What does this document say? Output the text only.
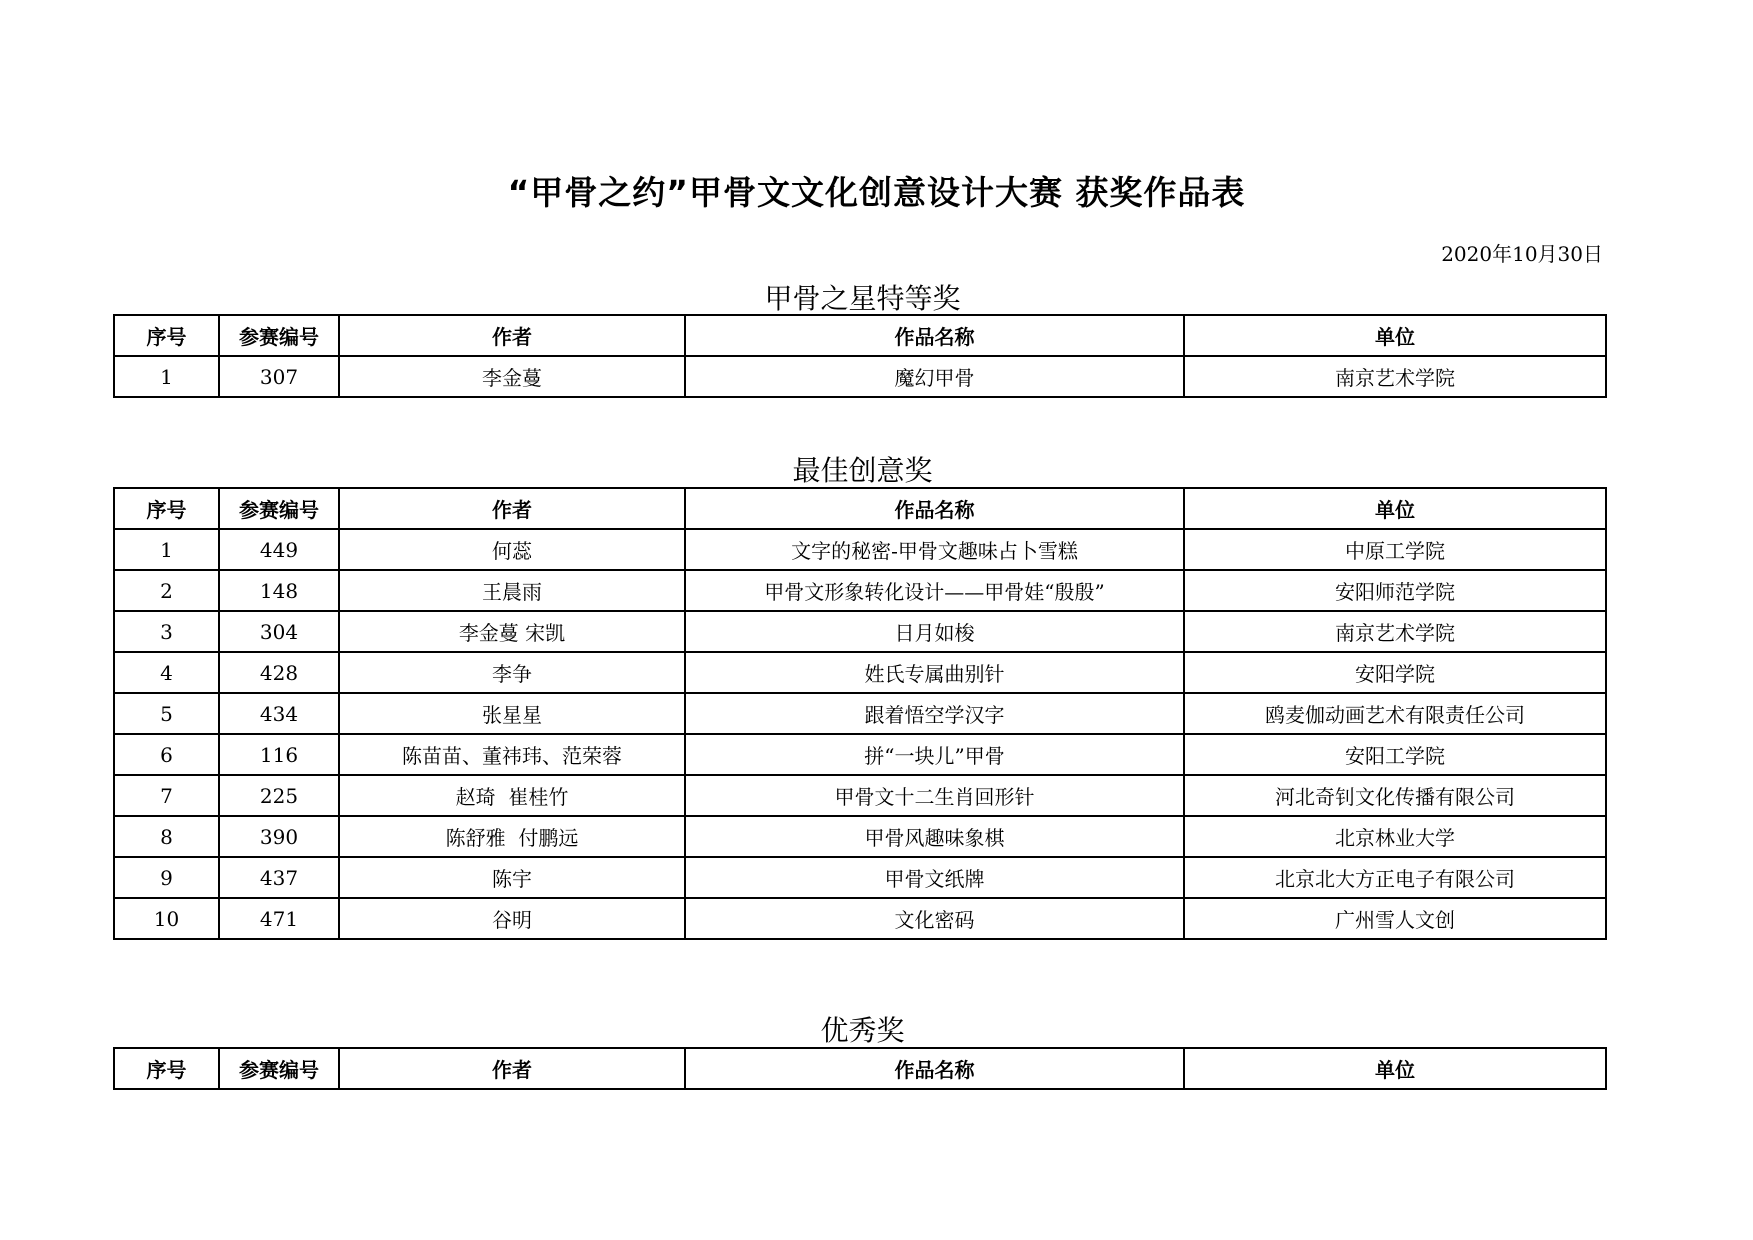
“甲骨之约”甲骨文文化创意设计大赛 获奖作品表
2020年10月30日
甲骨之星特等奖
序号	参赛编号	作者	作品名称	单位
1	307	李金蔓	魔幻甲骨	南京艺术学院
最佳创意奖
序号	参赛编号	作者	作品名称	单位
1	449	何蕊	文字的秘密-甲骨文趣味占卜雪糕	中原工学院
2	148	王晨雨	甲骨文形象转化设计——甲骨娃“殷殷”	安阳师范学院
3	304	李金蔓 宋凯	日月如梭	南京艺术学院
4	428	李争	姓氏专属曲别针	安阳学院
5	434	张星星	跟着悟空学汉字	鸥麦伽动画艺术有限责任公司
6	116	陈苗苗、董祎玮、范荣蓉	拼“一块儿”甲骨	安阳工学院
7	225	赵琦  崔桂竹	甲骨文十二生肖回形针	河北奇钊文化传播有限公司
8	390	陈舒雅  付鹏远	甲骨风趣味象棋	北京林业大学
9	437	陈宇	甲骨文纸牌	北京北大方正电子有限公司
10	471	谷明	文化密码	广州雪人文创
优秀奖
序号	参赛编号	作者	作品名称	单位
